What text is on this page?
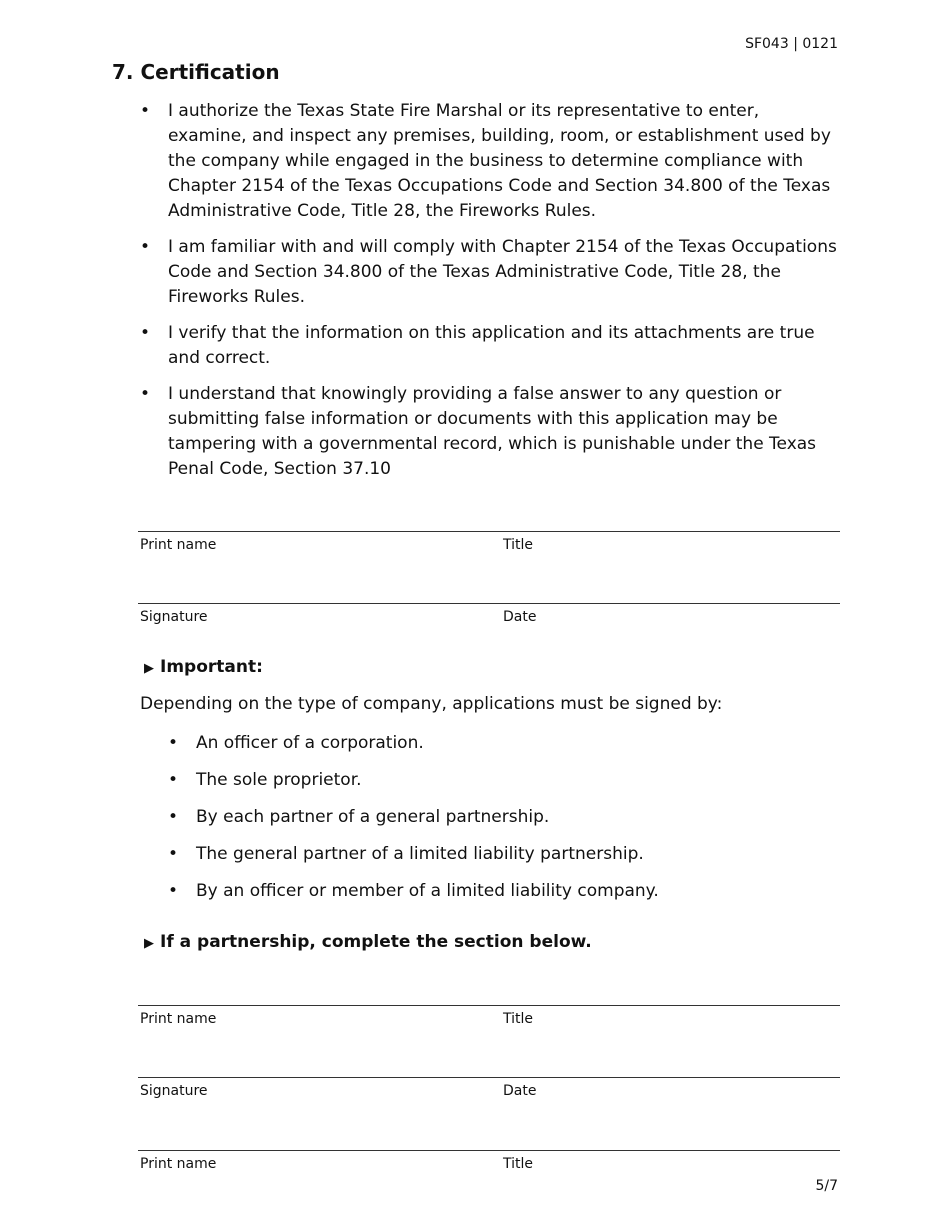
SF043 | 0121
7. Certification
• I authorize the Texas State Fire Marshal or its representative to enter, examine, and inspect any premises, building, room, or establishment used by the company while engaged in the business to determine compliance with Chapter 2154 of the Texas Occupations Code and Section 34.800 of the Texas Administrative Code, Title 28, the Fireworks Rules.
• I am familiar with and will comply with Chapter 2154 of the Texas Occupations Code and Section 34.800 of the Texas Administrative Code, Title 28, the Fireworks Rules.
• I verify that the information on this application and its attachments are true and correct.
• I understand that knowingly providing a false answer to any question or submitting false information or documents with this application may be tampering with a governmental record, which is punishable under the Texas Penal Code, Section 37.10
Print name	Title
Signature	Date
▶ Important:
Depending on the type of company, applications must be signed by:
• An officer of a corporation.
• The sole proprietor.
• By each partner of a general partnership.
• The general partner of a limited liability partnership.
• By an officer or member of a limited liability company.
▶ If a partnership, complete the section below.
Print name	Title
Signature	Date
Print name	Title
5/7
